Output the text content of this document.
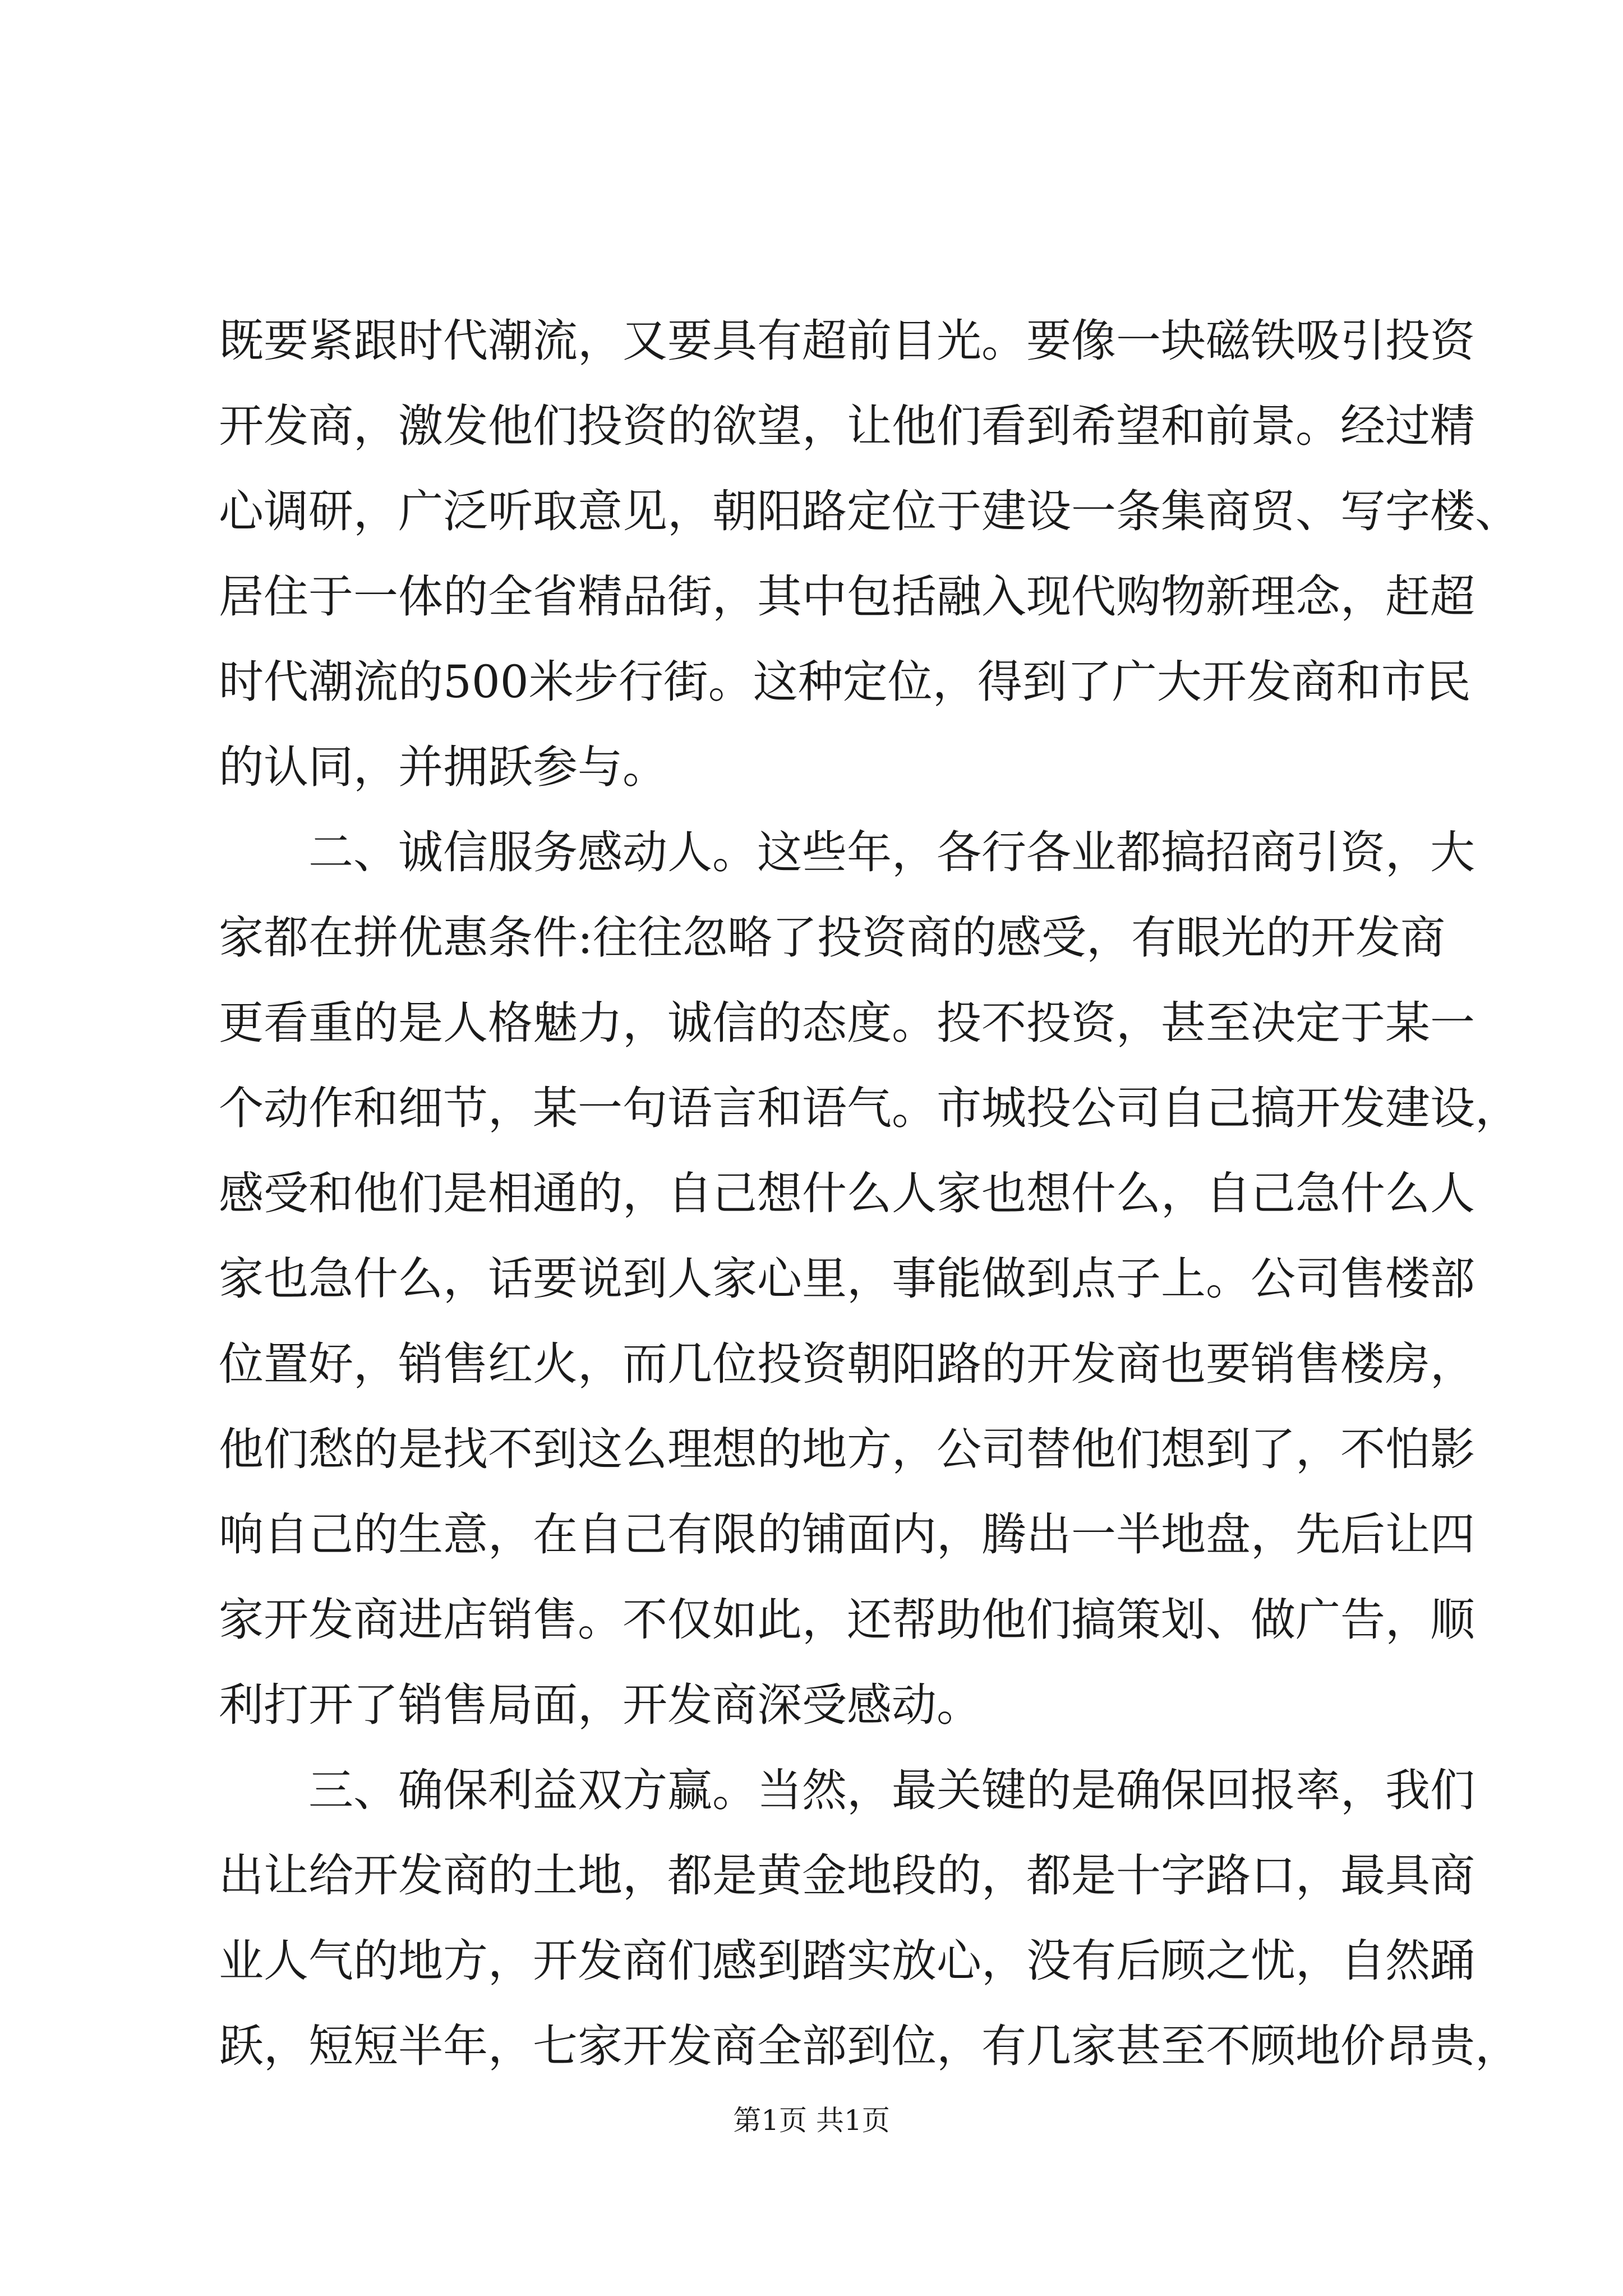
既要紧跟时代潮流，又要具有超前目光。要像一块磁铁吸引投资
开发商，激发他们投资的欲望，让他们看到希望和前景。经过精
心调研，广泛听取意见，朝阳路定位于建设一条集商贸、写字楼、
居住于一体的全省精品街，其中包括融入现代购物新理念，赶超
时代潮流的500米步行街。这种定位，得到了广大开发商和市民
的认同，并拥跃参与。
二、诚信服务感动人。这些年，各行各业都搞招商引资，大
家都在拼优惠条件:往往忽略了投资商的感受，有眼光的开发商
更看重的是人格魅力，诚信的态度。投不投资，甚至决定于某一
个动作和细节，某一句语言和语气。市城投公司自己搞开发建设，
感受和他们是相通的，自己想什么人家也想什么，自己急什么人
家也急什么，话要说到人家心里，事能做到点子上。公司售楼部
位置好，销售红火，而几位投资朝阳路的开发商也要销售楼房，
他们愁的是找不到这么理想的地方，公司替他们想到了，不怕影
响自己的生意，在自己有限的铺面内，腾出一半地盘，先后让四
家开发商进店销售。不仅如此，还帮助他们搞策划、做广告，顺
利打开了销售局面，开发商深受感动。
三、确保利益双方赢。当然，最关键的是确保回报率，我们
出让给开发商的土地，都是黄金地段的，都是十字路口，最具商
业人气的地方，开发商们感到踏实放心，没有后顾之忧，自然踊
跃，短短半年，七家开发商全部到位，有几家甚至不顾地价昂贵，
第1页 共1页
